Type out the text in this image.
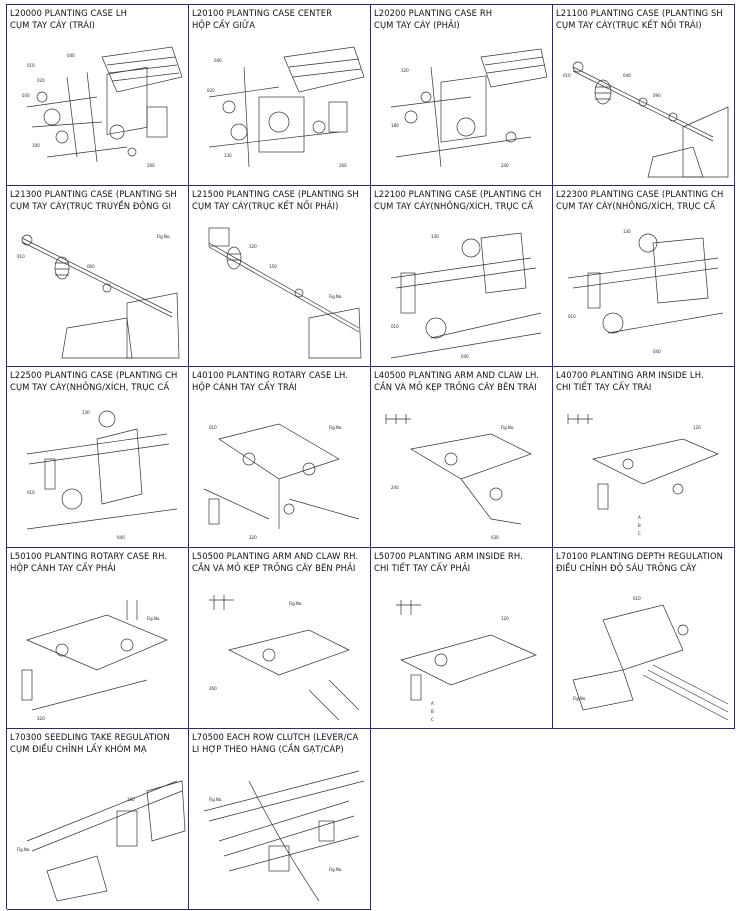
L20000 PLANTING CASE LH
CỤM TAY CÁY (TRÁI)
010
020
030
040
100
300
L20100 PLANTING CASE CENTER
HỘP CẤY GIỮA
040
020
130
260
L20200 PLANTING CASE RH
CỤM TAY CÁY (PHẢI)
120
180
240
L21100 PLANTING CASE (PLANTING SH
CỤM TAY CÁY(TRỤC KẾT NỐI TRÁI)
010	040
090
L21300 PLANTING CASE (PLANTING SH
CỤM TAY CÁY(TRỤC TRUYỀN ĐỘNG GI
010
060
Fig.No.
L21500 PLANTING CASE (PLANTING SH
CỤM TAY CÁY(TRỤC KẾT NỐI PHẢI)
120
150
Fig.No.
L22100 PLANTING CASE (PLANTING CH
CỤM TAY CÁY(NHÔNG/XÍCH, TRỤC CẤ
130
010
040
L22300 PLANTING CASE (PLANTING CH
CỤM TAY CÁY(NHÔNG/XÍCH, TRỤC CẤ
130
010
040
L22500 PLANTING CASE (PLANTING CH
CỤM TAY CÁY(NHÔNG/XÍCH, TRỤC CẤ
130
010
040
L40100 PLANTING ROTARY CASE LH.
HỘP CÁNH TAY CẤY TRÁI
010	Fig.No.
320
L40500 PLANTING ARM AND CLAW LH.
CẦN VÀ MỎ KẸP TRỒNG CÂY BÊN TRÁI
Fig.No.
240
030
L40700 PLANTING ARM INSIDE LH.
CHI TIẾT TAY CẤY TRÁI
120
A
B
C
L50100 PLANTING ROTARY CASE RH.
HỘP CÁNH TAY CẤY PHẢI
Fig.No.
320
L50500 PLANTING ARM AND CLAW RH.
CẦN VÀ MỎ KẸP TRỒNG CÂY BÊN PHẢI
Fig.No.
260
L50700 PLANTING ARM INSIDE RH.
CHI TIẾT TAY CẤY PHẢI
120
A
B
C
L70100 PLANTING DEPTH REGULATION
ĐIỀU CHỈNH ĐỘ SÂU TRỒNG CÂY
010
Fig.No.
L70300 SEEDLING TAKE REGULATION
CỤM ĐIỀU CHỈNH LẤY KHÓM MẠ
Fig.No.
260
L70500 EACH ROW CLUTCH (LEVER/CA
LI HỢP THEO HÀNG (CẦN GẠT/CÁP)
Fig.No.
Fig.No.
